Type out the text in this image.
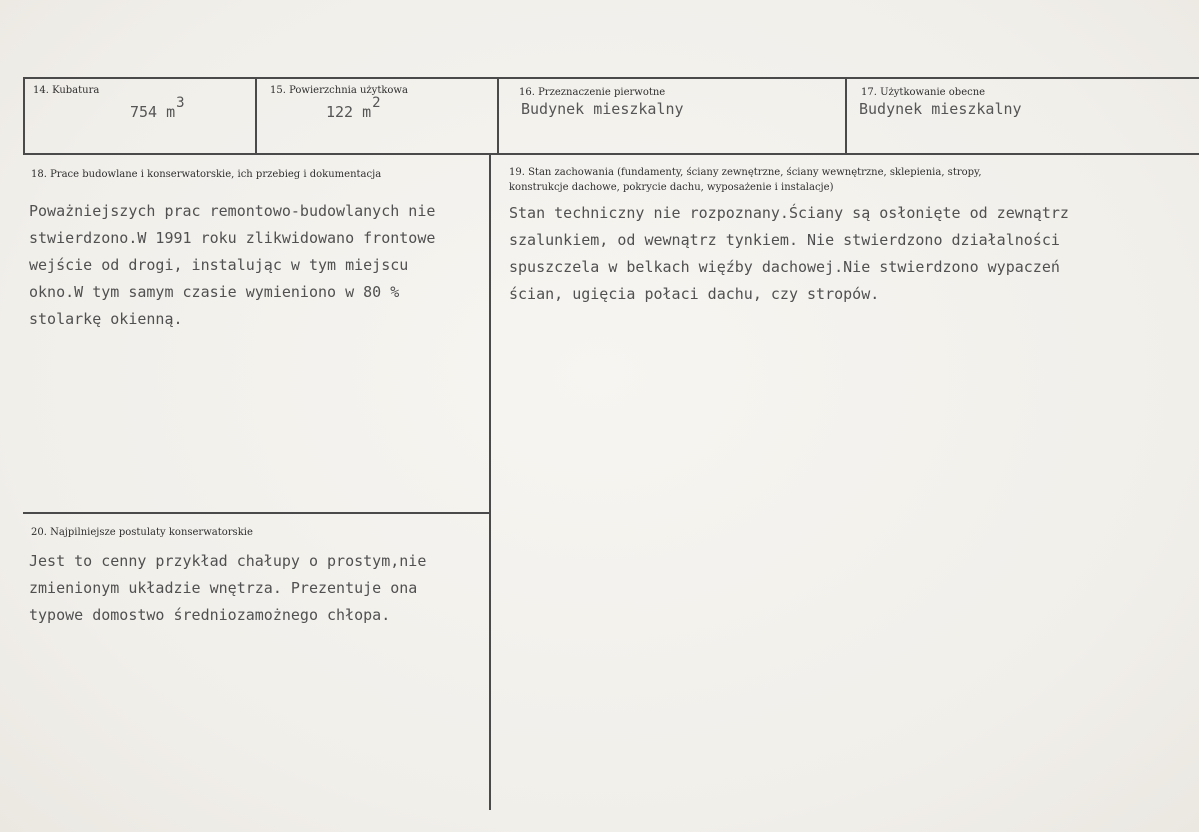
14. Kubatura
754 $m^3$
15. Powierzchnia użytkowa
122 $m^2$
16. Przeznaczenie pierwotne
Budynek mieszkalny
17. Użytkowanie obecne
Budynek mieszkalny
18. Prace budowlane i konserwatorskie, ich przebieg i dokumentacja
Poważniejszych prac remontowo-budowlanych nie
stwierdzono.W 1991 roku zlikwidowano frontowe
wejście od drogi, instalując w tym miejscu
okno.W tym samym czasie wymieniono w 80 %
stolarkę okienną.
19. Stan zachowania (fundamenty, ściany zewnętrzne, ściany wewnętrzne, sklepienia, stropy,
konstrukcje dachowe, pokrycie dachu, wyposażenie i instalacje)
Stan techniczny nie rozpoznany.Ściany są osłonięte od zewnątrz
szalunkiem, od wewnątrz tynkiem. Nie stwierdzono działalności
spuszczela w belkach więźby dachowej.Nie stwierdzono wypaczeń
ścian, ugięcia połaci dachu, czy stropów.
20. Najpilniejsze postulaty konserwatorskie
Jest to cenny przykład chałupy o prostym,nie
zmienionym układzie wnętrza. Prezentuje ona
typowe domostwo średniozamożnego chłopa.
